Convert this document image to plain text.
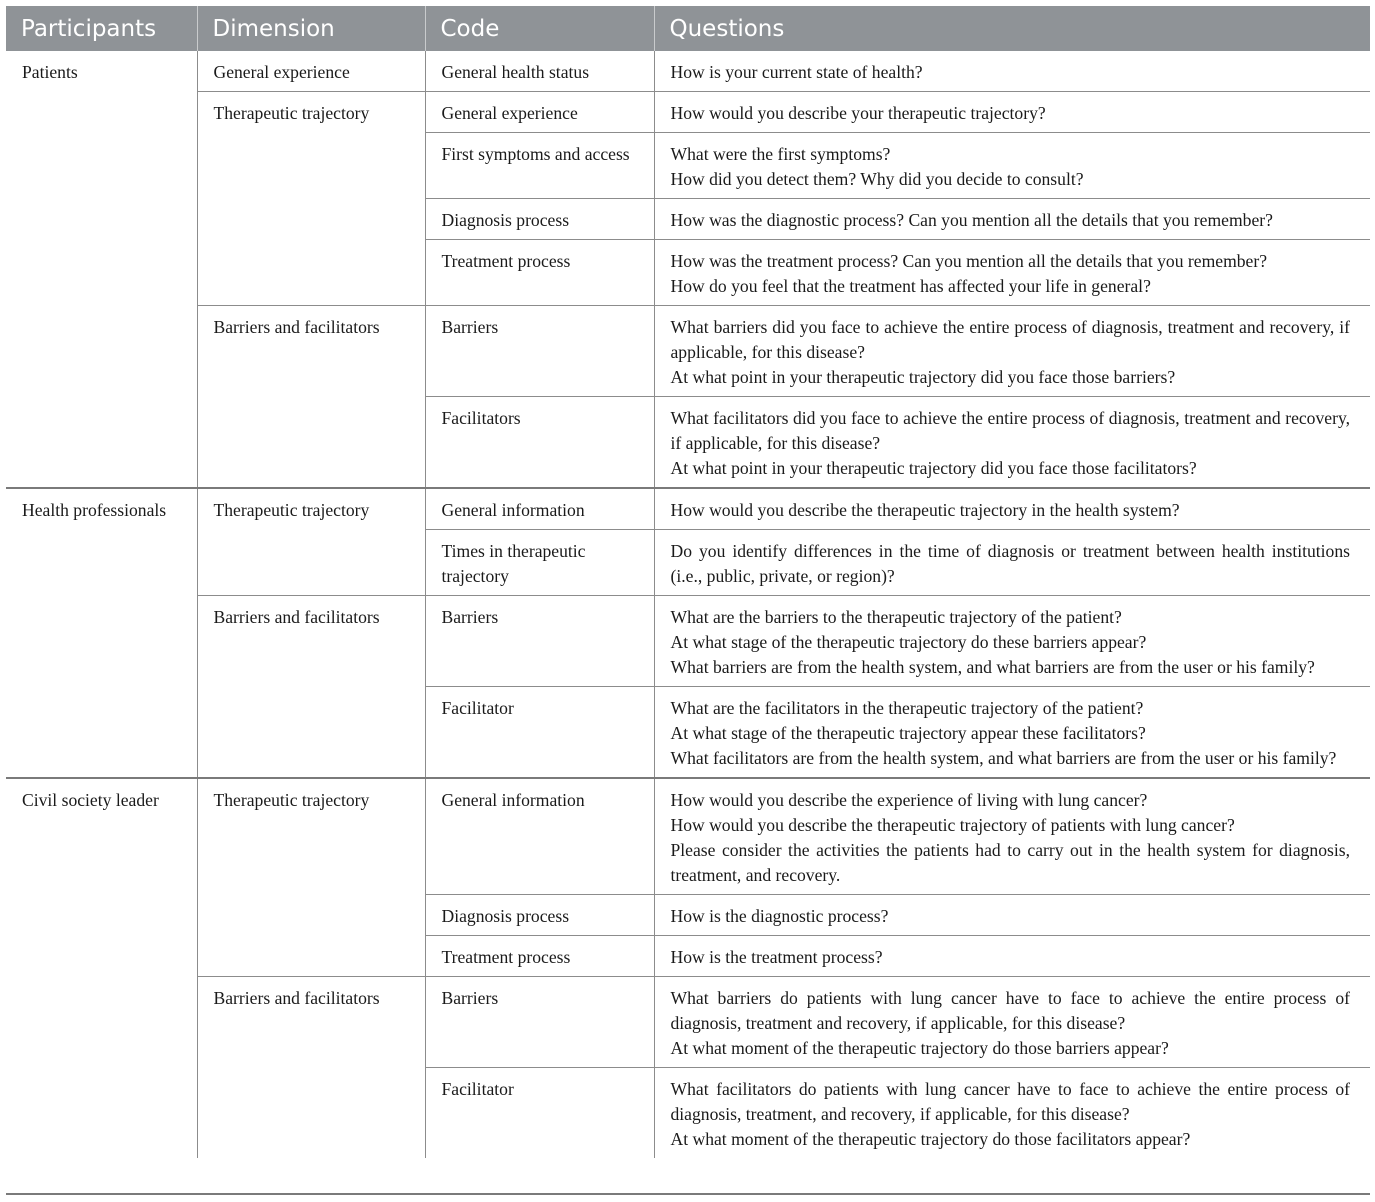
Participants	Dimension	Code	Questions
Patients	General experience	General health status	How is your current state of health?

	Therapeutic trajectory	General experience	How would you describe your therapeutic trajectory?

		First symptoms and access	What were the first symptoms?
How did you detect them? Why did you decide to consult?

		Diagnosis process	How was the diagnostic process? Can you mention all the details that you remember?

		Treatment process	How was the treatment process? Can you mention all the details that you remember?
How do you feel that the treatment has affected your life in general?

	Barriers and facilitators	Barriers	What barriers did you face to achieve the entire process of diagnosis, treatment and recovery, if applicable, for this disease?
At what point in your therapeutic trajectory did you face those barriers?

		Facilitators	What facilitators did you face to achieve the entire process of diagnosis, treatment and recovery, if applicable, for this disease?
At what point in your therapeutic trajectory did you face those facilitators?

Health professionals	Therapeutic trajectory	General information	How would you describe the therapeutic trajectory in the health system?

		Times in therapeutic trajectory	Do you identify differences in the time of diagnosis or treatment between health institutions (i.e., public, private, or region)?

	Barriers and facilitators	Barriers	What are the barriers to the therapeutic trajectory of the patient?
At what stage of the therapeutic trajectory do these barriers appear?
What barriers are from the health system, and what barriers are from the user or his family?

		Facilitator	What are the facilitators in the therapeutic trajectory of the patient?
At what stage of the therapeutic trajectory appear these facilitators?
What facilitators are from the health system, and what barriers are from the user or his family?

Civil society leader	Therapeutic trajectory	General information	How would you describe the experience of living with lung cancer?
How would you describe the therapeutic trajectory of patients with lung cancer?
Please consider the activities the patients had to carry out in the health system for diagnosis, treatment, and recovery.

		Diagnosis process	How is the diagnostic process?

		Treatment process	How is the treatment process?

	Barriers and facilitators	Barriers	What barriers do patients with lung cancer have to face to achieve the entire process of diagnosis, treatment and recovery, if applicable, for this disease?
At what moment of the therapeutic trajectory do those barriers appear?

		Facilitator	What facilitators do patients with lung cancer have to face to achieve the entire process of diagnosis, treatment, and recovery, if applicable, for this disease?
At what moment of the therapeutic trajectory do those facilitators appear?
